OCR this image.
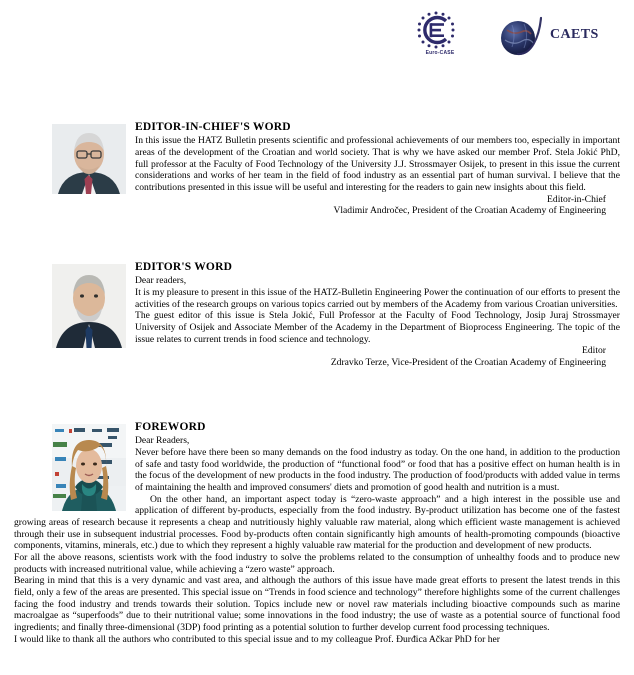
Euro-CASE
CAETS
EDITOR-IN-CHIEF'S WORD

In this issue the HATZ Bulletin presents scientific and professional achievements of our members too, especially in important areas of the development of the Croatian and world society. That is why we have asked our member Prof. Stela Jokić PhD, full professor at the Faculty of Food Technology of the University J.J. Strossmayer Osijek, to present in this issue the current considerations and works of her team in the field of food industry as an essential part of human survival. I believe that the contributions presented in this issue will be useful and interesting for the readers to gain new insights about this field.

Editor-in-Chief

Vladimir Andročec, President of the Croatian Academy of Engineering

EDITOR'S WORD

Dear readers,

It is my pleasure to present in this issue of the HATZ-Bulletin Engineering Power the continuation of our efforts to present the activities of the research groups on various topics carried out by members of the Academy from various Croatian universities.

The guest editor of this issue is Stela Jokić, Full Professor at the Faculty of Food Technology, Josip Juraj Strossmayer University of Osijek and Associate Member of the Academy in the Department of Bioprocess Engineering. The topic of the issue relates to current trends in food science and technology.

Editor

Zdravko Terze, Vice-President of the Croatian Academy of Engineering

FOREWORD

Dear Readers,

Never before have there been so many demands on the food industry as today. On the one hand, in addition to the production of safe and tasty food worldwide, the production of “functional food” or food that has a positive effect on human health is in the focus of the development of new products in the food industry. The production of food/products with added value in terms of maintaining the health and improved consumers' diets and promotion of good health and nutrition is a must.

On the other hand, an important aspect today is “zero-waste approach” and a high interest in the possible use and application of different by-products, especially from the food industry. By-product utilization has become one of the fastest growing areas of research because it represents a cheap and nutritiously highly valuable raw material, along which efficient waste management is achieved through their use in subsequent industrial processes. Food by-products often contain significantly high amounts of health-promoting compounds (bioactive components, vitamins, minerals, etc.) due to which they represent a highly valuable raw material for the production and development of new products.

For all the above reasons, scientists work with the food industry to solve the problems related to the consumption of unhealthy foods and to produce new products with increased nutritional value, while achieving a “zero waste” approach.

Bearing in mind that this is a very dynamic and vast area, and although the authors of this issue have made great efforts to present the latest trends in this field, only a few of the areas are presented. This special issue on “Trends in food science and technology” therefore highlights some of the current challenges facing the food industry and trends towards their solution. Topics include new or novel raw materials including bioactive compounds such as marine macroalgae as “superfoods” due to their nutritional value; some innovations in the food industry; the use of waste as a potential source of functional food ingredients; and finally three-dimensional (3DP) food printing as a potential solution to further develop current food processing techniques.

I would like to thank all the authors who contributed to this special issue and to my colleague Prof. Đurđica Ačkar PhD for her
